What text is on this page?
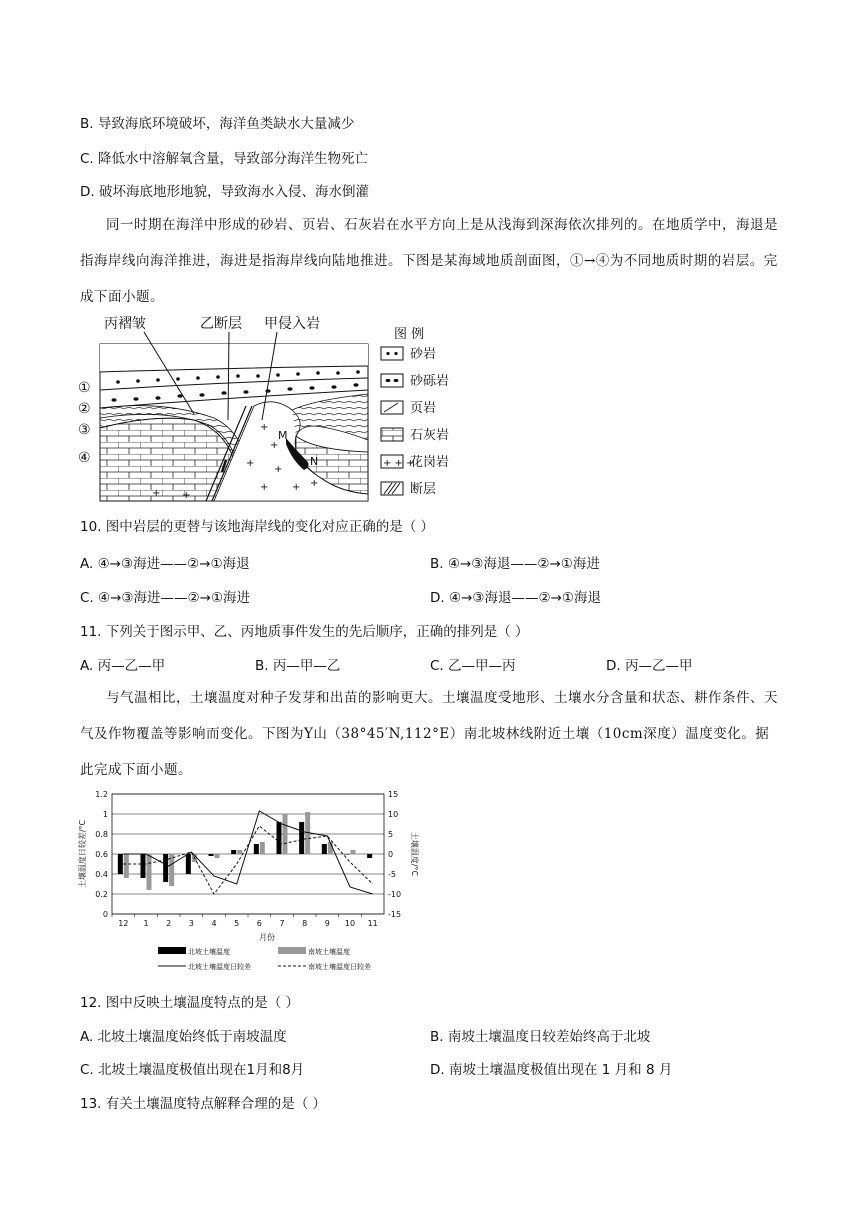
B. 导致海底环境破坏，海洋鱼类缺水大量减少
C. 降低水中溶解氧含量，导致部分海洋生物死亡
D. 破坏海底地形地貌，导致海水入侵、海水倒灌
同一时期在海洋中形成的砂岩、页岩、石灰岩在水平方向上是从浅海到深海依次排列的。在地质学中，海退是指海岸线向海洋推进，海进是指海岸线向陆地推进。下图是某海域地质剖面图，①→④为不同地质时期的岩层。完成下面小题。
+
+
+
+
+ +
+
+
+
M
N
丙褶皱	乙断层 甲侵入岩
①
②
③
④
图 例
砂岩
砂砾岩
页岩
石灰岩
+ + +
花岗岩
断层
10. 图中岩层的更替与该地海岸线的变化对应正确的是（ ）
A. ④→③海进——②→①海退	B. ④→③海退——②→①海进
C. ④→③海进——②→①海进	D. ④→③海退——②→①海退
11. 下列关于图示甲、乙、丙地质事件发生的先后顺序，正确的排列是（ ）
A. 丙—乙—甲	B. 丙—甲—乙	C. 乙—甲—丙	D. 丙—乙—甲
与气温相比，土壤温度对种子发芽和出苗的影响更大。土壤温度受地形、土壤水分含量和状态、耕作条件、天气及作物覆盖等影响而变化。下图为Y山（38°45′N,112°E）南北坡林线附近土壤（10cm深度）温度变化。据此完成下面小题。
0
0.2
0.4
0.6
0.8
1
1.2
-15
-10
-5
0
5
10
15
12 1 2 3 4 5 6 7 8 9 10 11
月份
土壤温度日较差/°C	土壤温度/°C
北坡土壤温度	南坡土壤温度
北坡土壤温度日较差	南坡土壤温度日较差
12. 图中反映土壤温度特点的是（ ）
A. 北坡土壤温度始终低于南坡温度	B. 南坡土壤温度日较差始终高于北坡
C. 北坡土壤温度极值出现在1月和8月	D. 南坡土壤温度极值出现在 1 月和 8 月
13. 有关土壤温度特点解释合理的是（ ）
